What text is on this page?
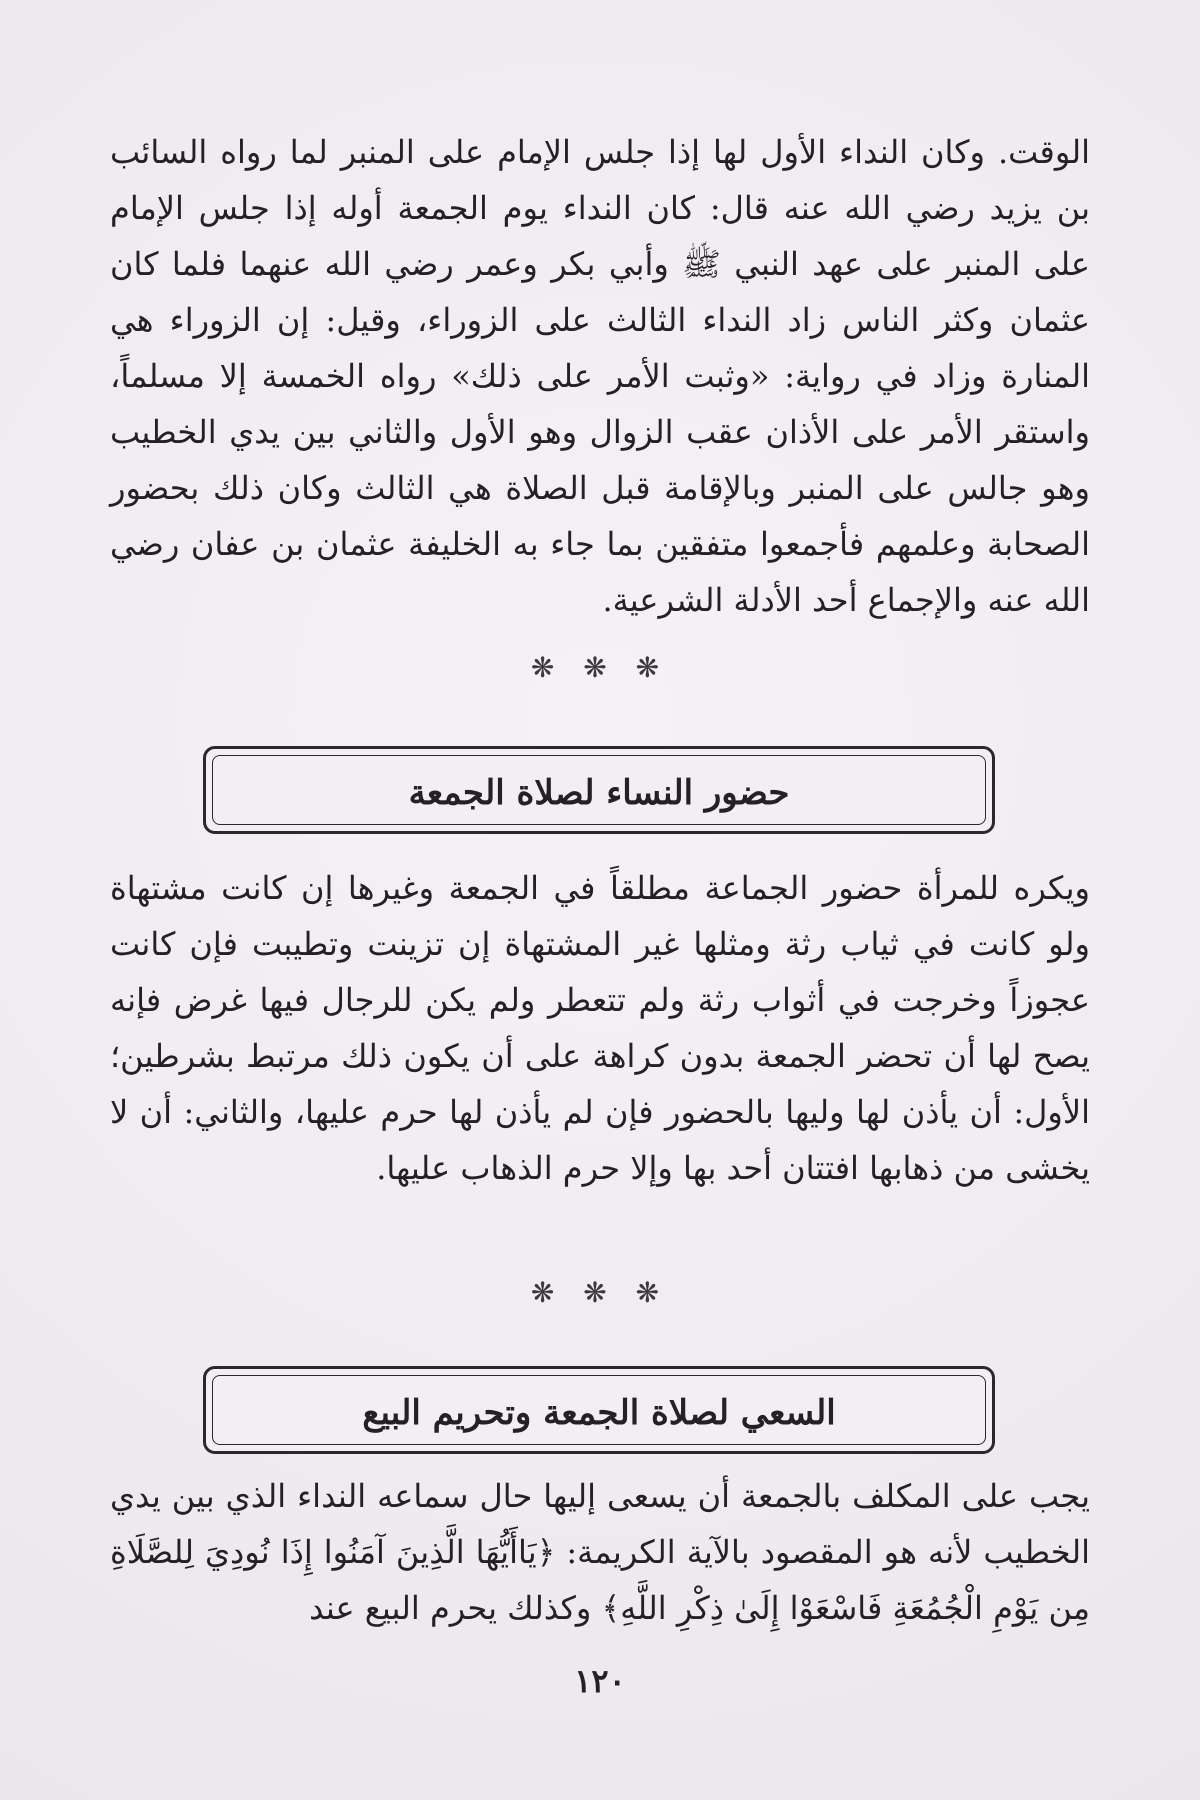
الوقت. وكان النداء الأول لها إذا جلس الإمام على المنبر لما رواه السائب بن يزيد رضي الله عنه قال: كان النداء يوم الجمعة أوله إذا جلس الإمام على المنبر على عهد النبي ﷺ وأبي بكر وعمر رضي الله عنهما فلما كان عثمان وكثر الناس زاد النداء الثالث على الزوراء، وقيل: إن الزوراء هي المنارة وزاد في رواية: «وثبت الأمر على ذلك» رواه الخمسة إلا مسلماً، واستقر الأمر على الأذان عقب الزوال وهو الأول والثاني بين يدي الخطيب وهو جالس على المنبر وبالإقامة قبل الصلاة هي الثالث وكان ذلك بحضور الصحابة وعلمهم فأجمعوا متفقين بما جاء به الخليفة عثمان بن عفان رضي الله عنه والإجماع أحد الأدلة الشرعية.

❋ ❋ ❋
حضور النساء لصلاة الجمعة

ويكره للمرأة حضور الجماعة مطلقاً في الجمعة وغيرها إن كانت مشتهاة ولو كانت في ثياب رثة ومثلها غير المشتهاة إن تزينت وتطيبت فإن كانت عجوزاً وخرجت في أثواب رثة ولم تتعطر ولم يكن للرجال فيها غرض فإنه يصح لها أن تحضر الجمعة بدون كراهة على أن يكون ذلك مرتبط بشرطين؛ الأول: أن يأذن لها وليها بالحضور فإن لم يأذن لها حرم عليها، والثاني: أن لا يخشى من ذهابها افتتان أحد بها وإلا حرم الذهاب عليها.

❋ ❋ ❋
السعي لصلاة الجمعة وتحريم البيع

يجب على المكلف بالجمعة أن يسعى إليها حال سماعه النداء الذي بين يدي الخطيب لأنه هو المقصود بالآية الكريمة: ﴿يَاأَيُّهَا الَّذِينَ آمَنُوا إِذَا نُودِيَ لِلصَّلَاةِ مِن يَوْمِ الْجُمُعَةِ فَاسْعَوْا إِلَىٰ ذِكْرِ اللَّهِ﴾ وكذلك يحرم البيع عند

١٢٠
